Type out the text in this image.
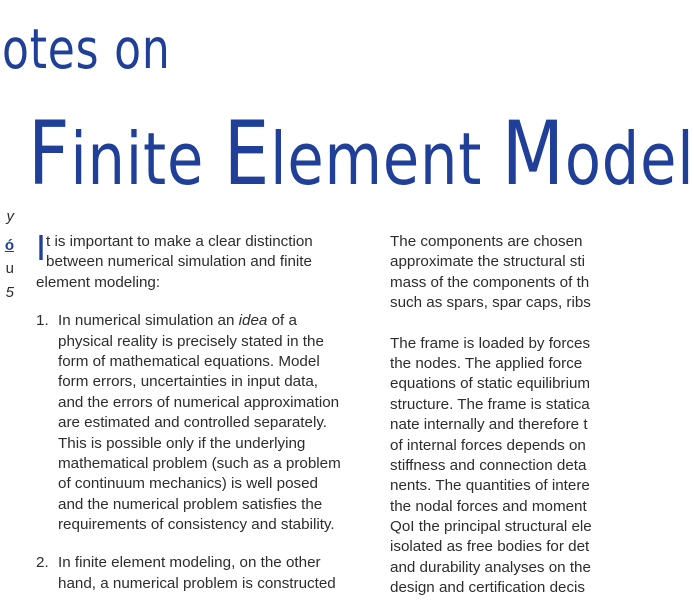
otes on
Finite Element Model
y
ó
u
5
I t is important to make a clear distinction
between numerical simulation and finite
element modeling:
1. In numerical simulation an idea of a
physical reality is precisely stated in the
form of mathematical equations. Model
form errors, uncertainties in input data,
and the errors of numerical approximation
are estimated and controlled separately.
This is possible only if the underlying
mathematical problem (such as a problem
of continuum mechanics) is well posed
and the numerical problem satisfies the
requirements of consistency and stability.
2. In finite element modeling, on the other
hand, a numerical problem is constructed
The components are chosen
approximate the structural sti
mass of the components of th
such as spars, spar caps, ribs
The frame is loaded by forces
the nodes. The applied force
equations of static equilibrium
structure. The frame is statica
nate internally and therefore t
of internal forces depends on
stiffness and connection deta
nents. The quantities of intere
the nodal forces and moment
QoI the principal structural ele
isolated as free bodies for det
and durability analyses on the
design and certification decis
